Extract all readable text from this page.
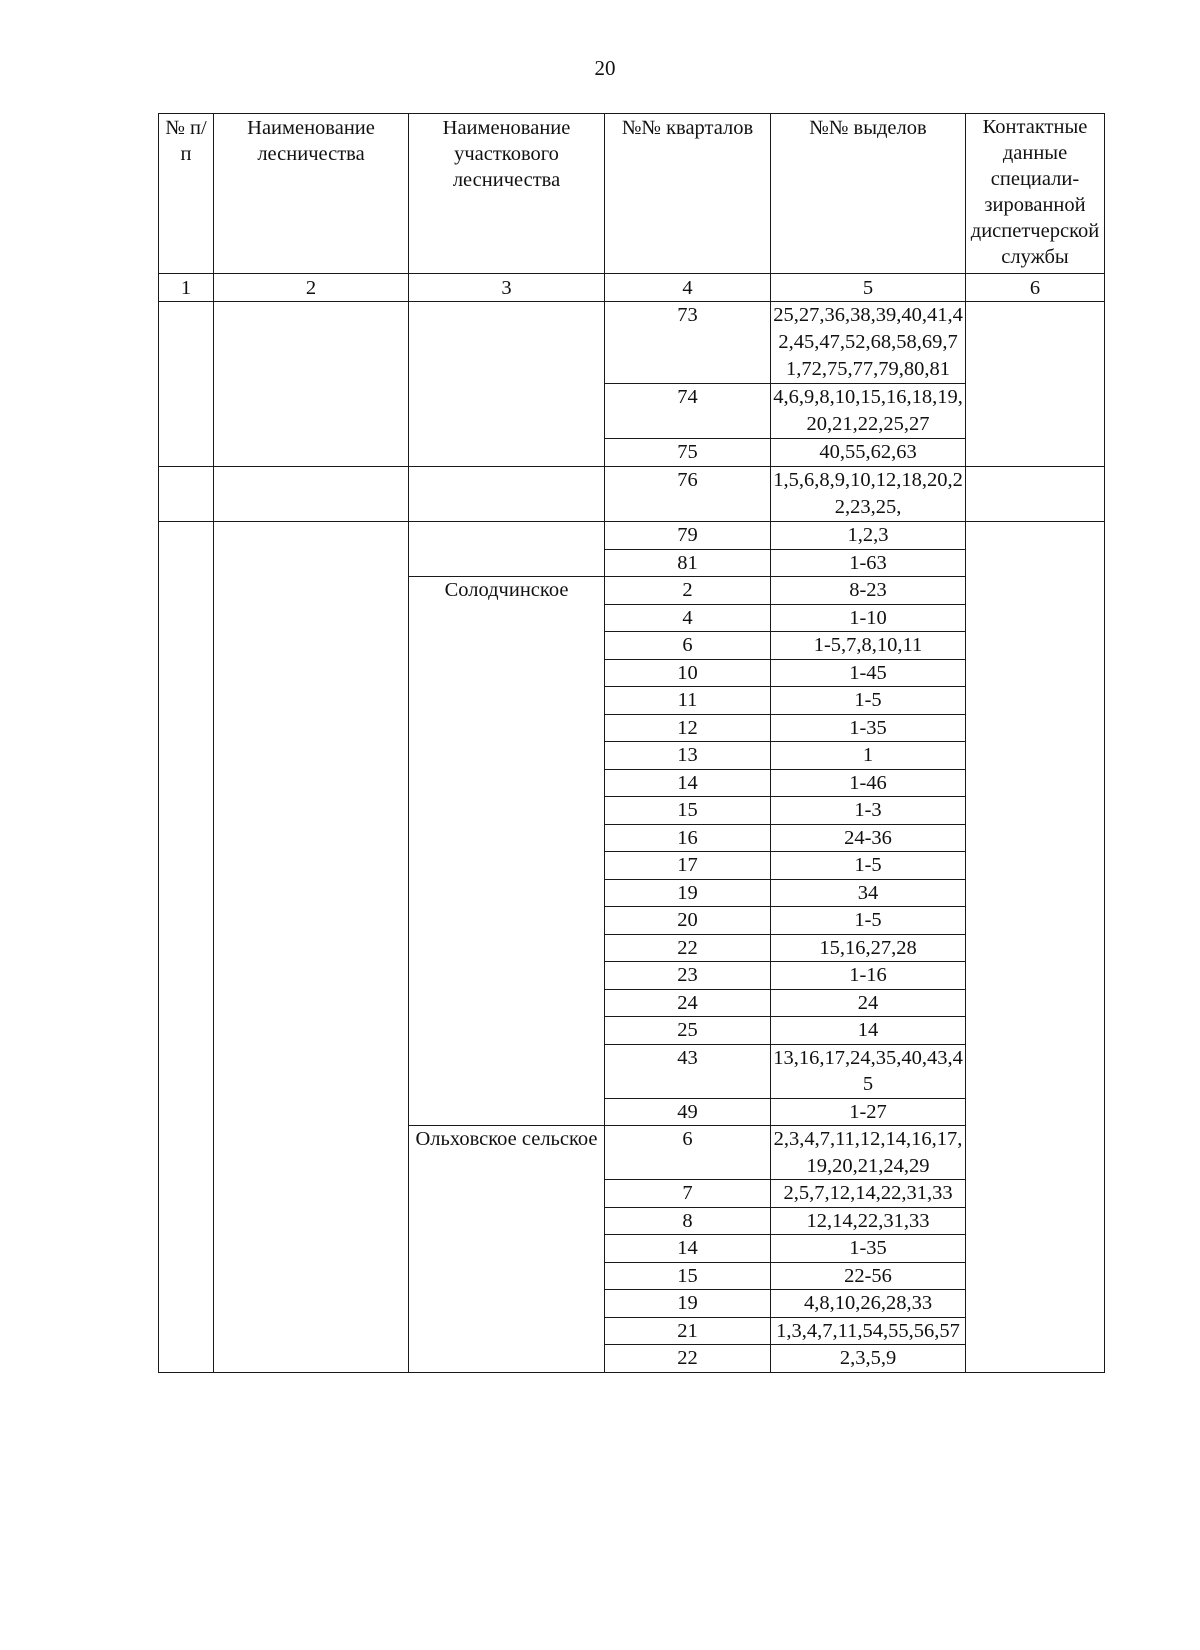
20
№ п/п	Наименование лесничества	Наименование участкового лесничества	№№ кварталов	№№ выделов	Контактные данные специали-зированной диспетчерской службы
1	2	3	4	5	6
			73	25,27,36,38,39,40,41,42,45,47,52,68,58,69,71,72,75,77,79,80,81	
			74	4,6,9,8,10,15,16,18,19,20,21,22,25,27	
			75	40,55,62,63	
			76	1,5,6,8,9,10,12,18,20,22,23,25,	
			79	1,2,3	
			81	1-63	
		Солодчинское	2	8-23	
			4	1-10	
			6	1-5,7,8,10,11	
			10	1-45	
			11	1-5	
			12	1-35	
			13	1	
			14	1-46	
			15	1-3	
			16	24-36	
			17	1-5	
			19	34	
			20	1-5	
			22	15,16,27,28	
			23	1-16	
			24	24	
			25	14	
			43	13,16,17,24,35,40,43,45	
			49	1-27	
		Ольховское сельское	6	2,3,4,7,11,12,14,16,17,19,20,21,24,29	
			7	2,5,7,12,14,22,31,33	
			8	12,14,22,31,33	
			14	1-35	
			15	22-56	
			19	4,8,10,26,28,33	
			21	1,3,4,7,11,54,55,56,57	
			22	2,3,5,9	
